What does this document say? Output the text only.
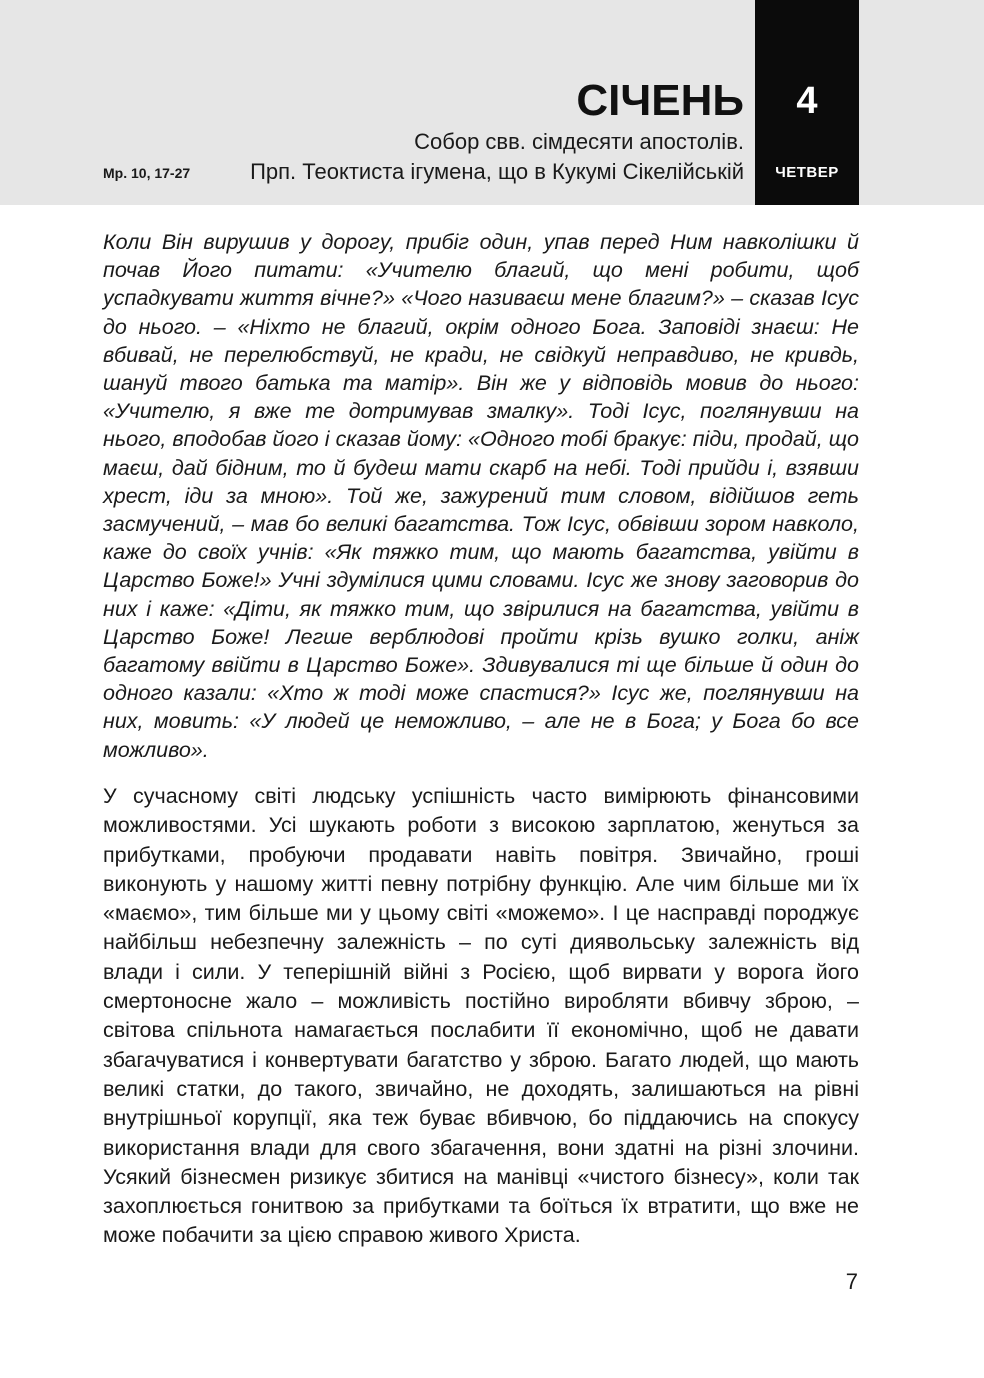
СІЧЕНЬ
Собор свв. сімдесяти апостолів.
Прп. Теоктиста ігумена, що в Кукумі Сікелійській
Мр. 10, 17-27
4
ЧЕТВЕР

Коли Він вирушив у дорогу, прибіг один, упав перед Ним навколішки й почав Його питати: «Учителю благий, що мені робити, щоб успадкувати життя вічне?» «Чого називаєш мене благим?» – сказав Ісус до нього. – «Ніхто не благий, окрім одного Бога. Заповіді знаєш: Не вбивай, не перелюбствуй, не кради, не свідкуй неправдиво, не кривдь, шануй твого батька та матір». Він же у відповідь мовив до нього: «Учителю, я вже те дотримував змалку». Тоді Ісус, поглянувши на нього, вподобав його і сказав йому: «Одного тобі бракує: піди, продай, що маєш, дай бідним, то й будеш мати скарб на небі. Тоді прийди і, взявши хрест, іди за мною». Той же, зажурений тим словом, відійшов геть засмучений, – мав бо великі багатства. Тож Ісус, обвівши зором навколо, каже до своїх учнів: «Як тяжко тим, що мають багатства, увійти в Царство Боже!» Учні здумілися цими словами. Ісус же знову заговорив до них і каже: «Діти, як тяжко тим, що звірилися на багатства, увійти в Царство Боже! Легше верблюдові пройти крізь вушко голки, аніж багатому ввійти в Царство Боже». Здивувалися ті ще більше й один до одного казали: «Хто ж тоді може спастися?» Ісус же, поглянувши на них, мовить: «У людей це неможливо, – але не в Бога; у Бога бо все можливо».

У сучасному світі людську успішність часто вимірюють фінансовими можливостями. Усі шукають роботи з високою зарплатою, женуться за прибутками, пробуючи продавати навіть повітря. Звичайно, гроші виконують у нашому житті певну потрібну функцію. Але чим більше ми їх «маємо», тим більше ми у цьому світі «можемо». І це насправді породжує найбільш небезпечну залежність – по суті диявольську залежність від влади і сили. У теперішній війні з Росією, щоб вирвати у ворога його смертоносне жало – можливість постійно виробляти вбивчу зброю, – світова спільнота намагається послабити її економічно, щоб не давати збагачуватися і конвертувати багатство у зброю. Багато людей, що мають великі статки, до такого, звичайно, не доходять, залишаються на рівні внутрішньої корупції, яка теж буває вбивчою, бо піддаючись на спокусу використання влади для свого збагачення, вони здатні на різні злочини. Усякий бізнесмен ризикує збитися на манівці «чистого бізнесу», коли так захоплюється гонитвою за прибутками та боїться їх втратити, що вже не може побачити за цією справою живого Христа.

7
